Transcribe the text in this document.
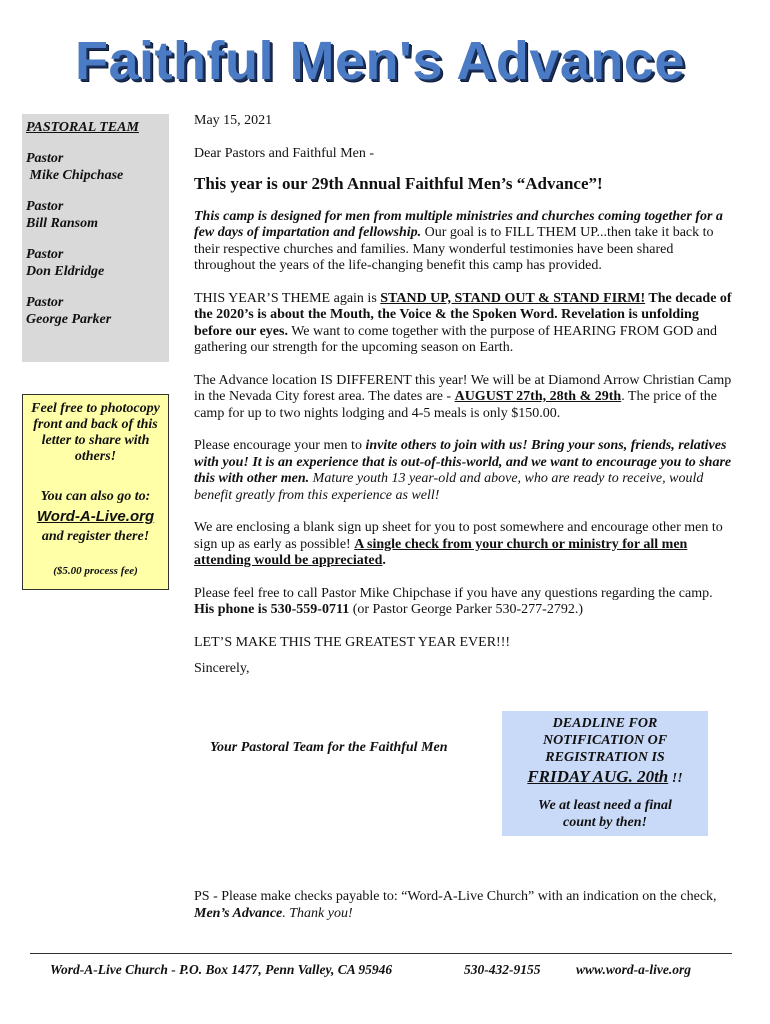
Faithful Men's Advance
PASTORAL TEAM
Pastor
Mike Chipchase
Pastor
Bill Ransom
Pastor
Don Eldridge
Pastor
George Parker
Feel free to photocopy front and back of this letter to share with others!
You can also go to:
Word-A-Live.org
and register there!
($5.00 process fee)

May 15, 2021

Dear Pastors and Faithful Men -

This year is our 29th Annual Faithful Men’s “Advance”!

This camp is designed for men from multiple ministries and churches coming together for a few days of impartation and fellowship. Our goal is to FILL THEM UP...then take it back to their respective churches and families. Many wonderful testimonies have been shared throughout the years of the life-changing benefit this camp has provided.

THIS YEAR’S THEME again is STAND UP, STAND OUT & STAND FIRM! The decade of the 2020’s is about the Mouth, the Voice & the Spoken Word. Revelation is unfolding before our eyes. We want to come together with the purpose of HEARING FROM GOD and gathering our strength for the upcoming season on Earth.

The Advance location IS DIFFERENT this year! We will be at Diamond Arrow Christian Camp in the Nevada City forest area. The dates are - AUGUST 27th, 28th & 29th. The price of the camp for up to two nights lodging and 4-5 meals is only $150.00.

Please encourage your men to invite others to join with us! Bring your sons, friends, relatives with you! It is an experience that is out-of-this-world, and we want to encourage you to share this with other men. Mature youth 13 year-old and above, who are ready to receive, would benefit greatly from this experience as well!

We are enclosing a blank sign up sheet for you to post somewhere and encourage other men to sign up as early as possible! A single check from your church or ministry for all men attending would be appreciated.

Please feel free to call Pastor Mike Chipchase if you have any questions regarding the camp. His phone is 530-559-0711 (or Pastor George Parker 530-277-2792.)

LET’S MAKE THIS THE GREATEST YEAR EVER!!!

Sincerely,

Your Pastoral Team for the Faithful Men
DEADLINE FOR NOTIFICATION OF REGISTRATION IS
FRIDAY AUG. 20th !!
We at least need a final count by then!
PS - Please make checks payable to: “Word-A-Live Church” with an indication on the check, Men’s Advance. Thank you!
Word-A-Live Church - P.O. Box 1477, Penn Valley, CA 95946	530-432-9155	www.word-a-live.org
